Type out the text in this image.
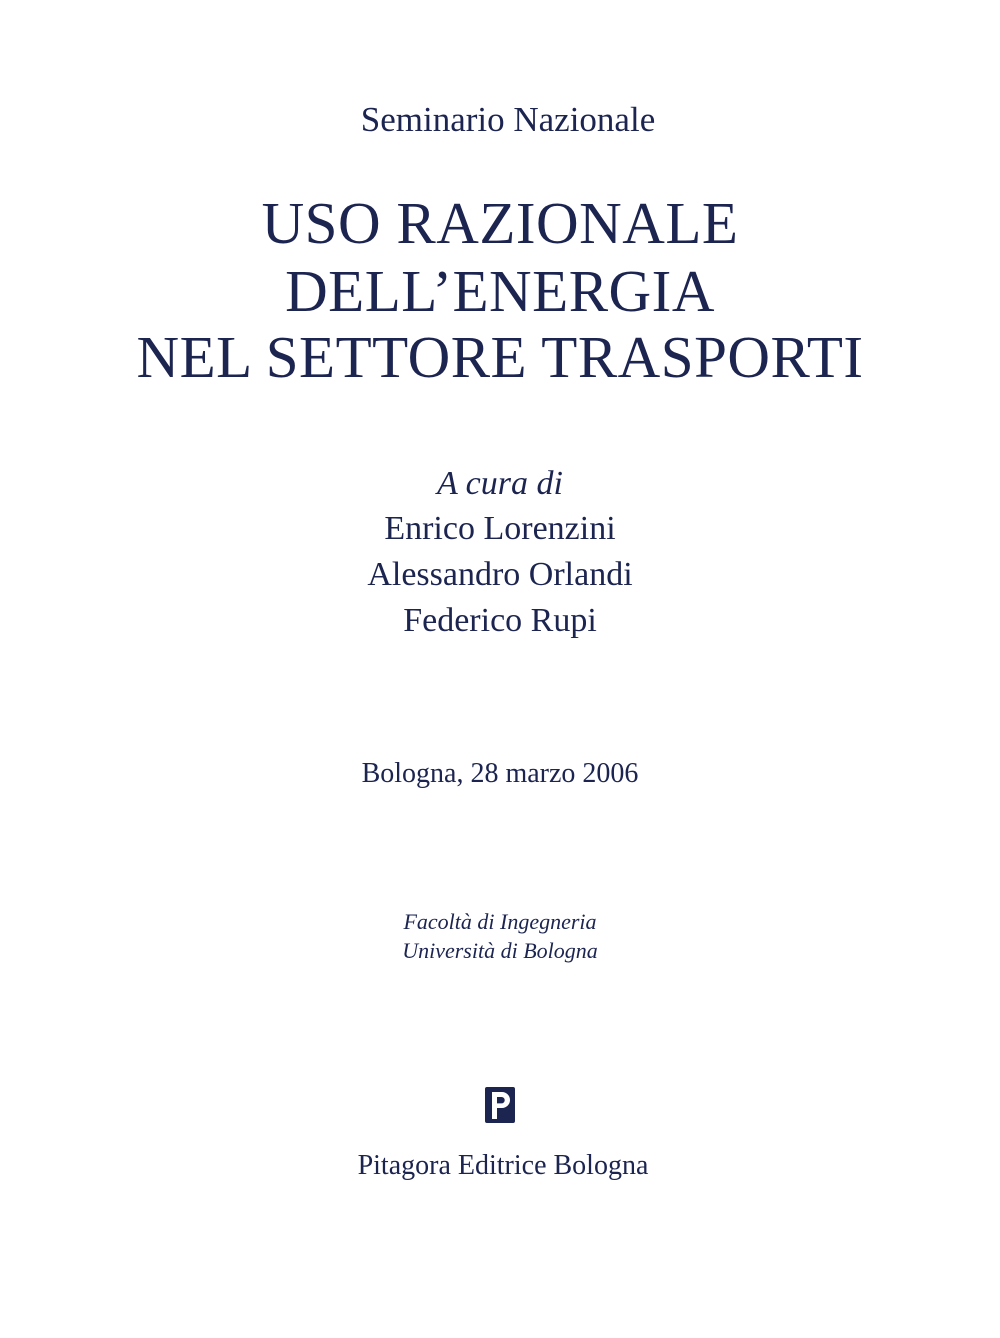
Seminario Nazionale
USO RAZIONALE
DELL’ENERGIA
NEL SETTORE TRASPORTI
A cura di
Enrico Lorenzini
Alessandro Orlandi
Federico Rupi
Bologna, 28 marzo 2006
Facoltà di Ingegneria
Università di Bologna
Pitagora Editrice Bologna
